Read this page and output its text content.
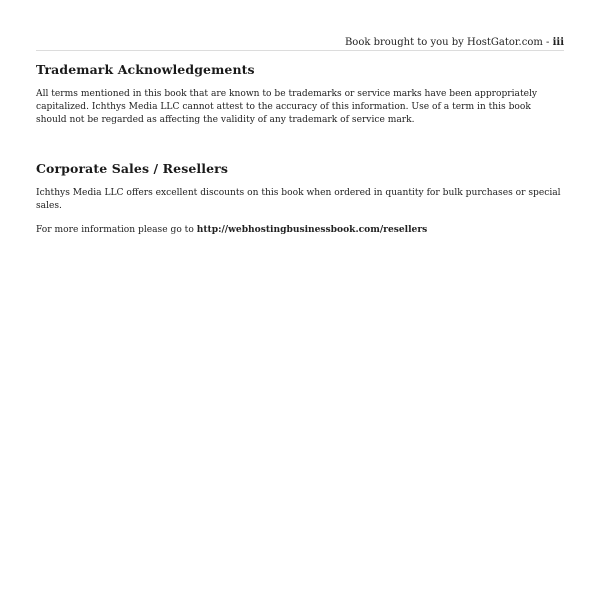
Book brought to you by HostGator.com - iii
Trademark Acknowledgements

All terms mentioned in this book that are known to be trademarks or service marks have been appropriately capitalized. Ichthys Media LLC cannot attest to the accuracy of this information. Use of a term in this book should not be regarded as affecting the validity of any trademark of service mark.

Corporate Sales / Resellers

Ichthys Media LLC offers excellent discounts on this book when ordered in quantity for bulk purchases or special sales.

For more information please go to http://webhostingbusinessbook.com/resellers
